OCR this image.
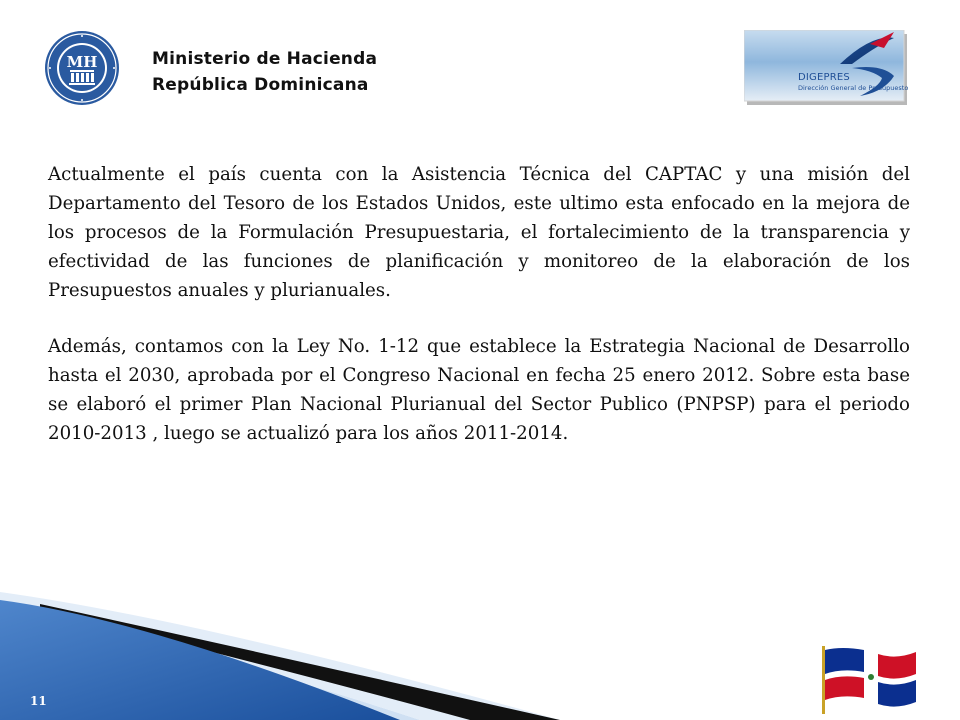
MH	Ministerio de Hacienda
República Dominicana	DIGEPRES
Dirección General de Presupuesto

Actualmente el país cuenta con la Asistencia Técnica del CAPTAC y una misión del Departamento del Tesoro de los Estados Unidos, este ultimo esta enfocado en la mejora de los procesos de la Formulación Presupuestaria, el fortalecimiento de la transparencia y efectividad de las funciones de planificación y monitoreo de la elaboración de los Presupuestos anuales y plurianuales.

Además, contamos con la Ley No. 1-12 que establece la Estrategia Nacional de Desarrollo hasta el 2030, aprobada por el Congreso Nacional en fecha 25 enero 2012. Sobre esta base se elaboró el primer Plan Nacional Plurianual del Sector Publico (PNPSP) para el periodo 2010-2013 , luego se actualizó para los años 2011-2014.

11
